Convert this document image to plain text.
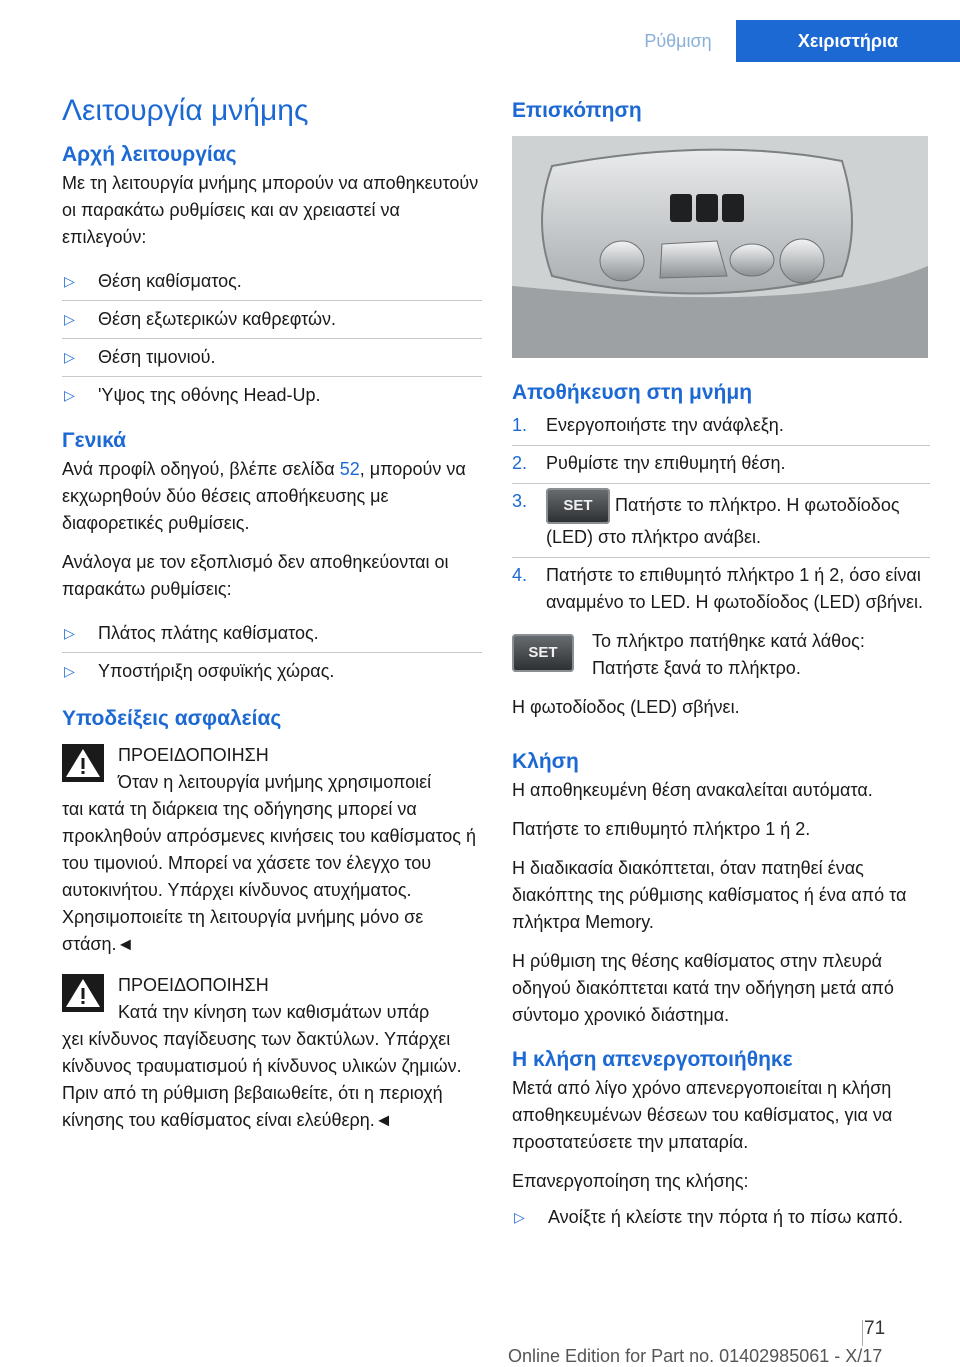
Ρύθμιση	Χειριστήρια
Λειτουργία μνήμης
Αρχή λειτουργίας

Με τη λειτουργία μνήμης μπορούν να αποθηκευτούν οι παρακάτω ρυθμίσεις και αν χρειαστεί να επιλεγούν:

▷ Θέση καθίσματος.
▷ Θέση εξωτερικών καθρεφτών.
▷ Θέση τιμονιού.
▷ 'Υψος της οθόνης Head-Up.
Γενικά

Ανά προφίλ οδηγού, βλέπε σελίδα 52, μπορούν να εκχωρηθούν δύο θέσεις αποθήκευσης με διαφορετικές ρυθμίσεις.

Ανάλογα με τον εξοπλισμό δεν αποθηκεύονται οι παρακάτω ρυθμίσεις:

▷ Πλάτος πλάτης καθίσματος.
▷ Υποστήριξη οσφυϊκής χώρας.
Υποδείξεις ασφαλείας
ΠΡΟΕΙΔΟΠΟΙΗΣΗ
Όταν η λειτουργία μνήμης χρησιμοποιεί
ται κατά τη διάρκεια της οδήγησης μπορεί να προκληθούν απρόσμενες κινήσεις του καθίσματος ή του τιμονιού. Μπορεί να χάσετε τον έλεγχο του αυτοκινήτου. Υπάρχει κίνδυνος ατυχήματος. Χρησιμοποιείτε τη λειτουργία μνήμης μόνο σε στάση.◄
ΠΡΟΕΙΔΟΠΟΙΗΣΗ
Κατά την κίνηση των καθισμάτων υπάρ
χει κίνδυνος παγίδευσης των δακτύλων. Υπάρχει κίνδυνος τραυματισμού ή κίνδυνος υλικών ζημιών. Πριν από τη ρύθμιση βεβαιωθείτε, ότι η περιοχή κίνησης του καθίσματος είναι ελεύθερη.◄
Επισκόπηση
Αποθήκευση στη μνήμη
1. Ενεργοποιήστε την ανάφλεξη.
2. Ρυθμίστε την επιθυμητή θέση.
3. SET Πατήστε το πλήκτρο. Η φωτοδίοδος (LED) στο πλήκτρο ανάβει.
4. Πατήστε το επιθυμητό πλήκτρο 1 ή 2, όσο είναι αναμμένο το LED. Η φωτοδίοδος (LED) σβήνει.
SET
Το πλήκτρο πατήθηκε κατά λάθος:
Πατήστε ξανά το πλήκτρο.

Η φωτοδίοδος (LED) σβήνει.

Κλήση

Η αποθηκευμένη θέση ανακαλείται αυτόματα.

Πατήστε το επιθυμητό πλήκτρο 1 ή 2.

Η διαδικασία διακόπτεται, όταν πατηθεί ένας διακόπτης της ρύθμισης καθίσματος ή ένα από τα πλήκτρα Memory.

Η ρύθμιση της θέσης καθίσματος στην πλευρά οδηγού διακόπτεται κατά την οδήγηση μετά από σύντομο χρονικό διάστημα.

Η κλήση απενεργοποιήθηκε

Μετά από λίγο χρόνο απενεργοποιείται η κλήση αποθηκευμένων θέσεων του καθίσματος, για να προστατεύσετε την μπαταρία.

Επανεργοποίηση της κλήσης:

▷ Ανοίξτε ή κλείστε την πόρτα ή το πίσω καπό.
71
Online Edition for Part no. 01402985061 - X/17
